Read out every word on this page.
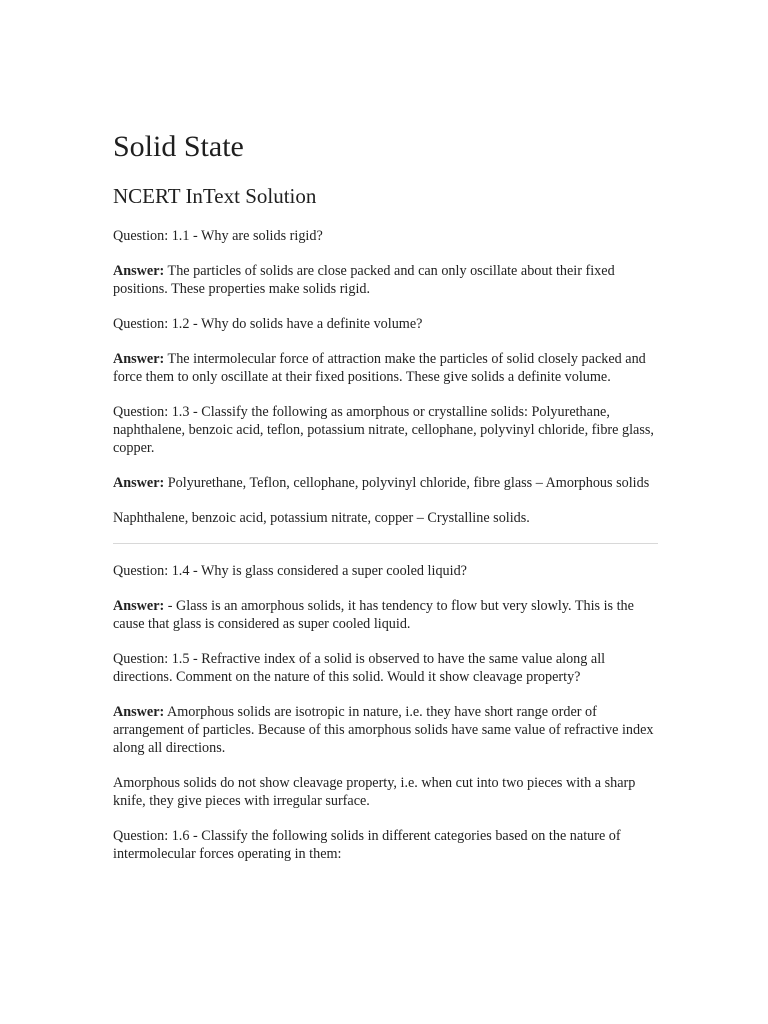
Solid State
NCERT InText Solution

Question: 1.1 - Why are solids rigid?

Answer: The particles of solids are close packed and can only oscillate about their fixed positions. These properties make solids rigid.

Question: 1.2 - Why do solids have a definite volume?

Answer: The intermolecular force of attraction make the particles of solid closely packed and force them to only oscillate at their fixed positions. These give solids a definite volume.

Question: 1.3 - Classify the following as amorphous or crystalline solids: Polyurethane, naphthalene, benzoic acid, teflon, potassium nitrate, cellophane, polyvinyl chloride, fibre glass, copper.

Answer: Polyurethane, Teflon, cellophane, polyvinyl chloride, fibre glass – Amorphous solids

Naphthalene, benzoic acid, potassium nitrate, copper – Crystalline solids.

Question: 1.4 - Why is glass considered a super cooled liquid?

Answer: - Glass is an amorphous solids, it has tendency to flow but very slowly. This is the cause that glass is considered as super cooled liquid.

Question: 1.5 - Refractive index of a solid is observed to have the same value along all directions. Comment on the nature of this solid. Would it show cleavage property?

Answer: Amorphous solids are isotropic in nature, i.e. they have short range order of arrangement of particles. Because of this amorphous solids have same value of refractive index along all directions.

Amorphous solids do not show cleavage property, i.e. when cut into two pieces with a sharp knife, they give pieces with irregular surface.

Question: 1.6 - Classify the following solids in different categories based on the nature of intermolecular forces operating in them:
